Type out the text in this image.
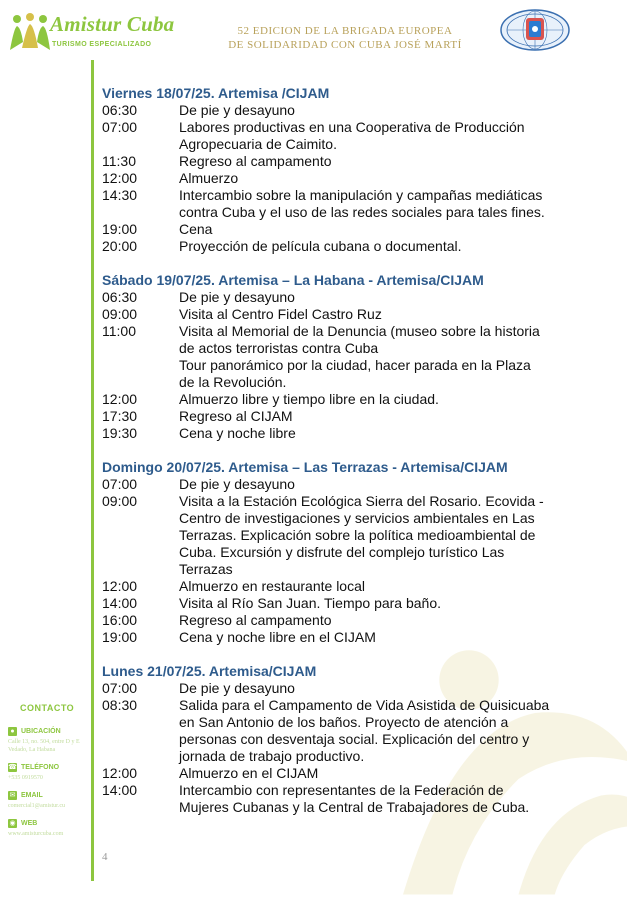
Amistur Cuba
TURISMO ESPECIALIZADO
52 EDICION DE LA BRIGADA EUROPEA
DE SOLIDARIDAD CON CUBA JOSÉ MARTÍ
Viernes 18/07/25. Artemisa /CIJAM
06:30	De pie y desayuno
07:00	Labores productivas en una Cooperativa de Producción
Agropecuaria de Caimito.
11:30	Regreso al campamento
12:00	Almuerzo
14:30	Intercambio sobre la manipulación y campañas mediáticas
contra Cuba y el uso de las redes sociales para tales fines.
19:00	Cena
20:00	Proyección de película cubana o documental.
Sábado 19/07/25. Artemisa – La Habana - Artemisa/CIJAM
06:30	De pie y desayuno
09:00	Visita al Centro Fidel Castro Ruz
11:00	Visita al Memorial de la Denuncia (museo sobre la historia
de actos terroristas contra Cuba
Tour panorámico por la ciudad, hacer parada en la Plaza
de la Revolución.
12:00	Almuerzo libre y tiempo libre en la ciudad.
17:30	Regreso al CIJAM
19:30	Cena y noche libre
Domingo 20/07/25. Artemisa – Las Terrazas - Artemisa/CIJAM
07:00	De pie y desayuno
09:00	Visita a la Estación Ecológica Sierra del Rosario. Ecovida -
Centro de investigaciones y servicios ambientales en Las
Terrazas. Explicación sobre la política medioambiental de
Cuba. Excursión y disfrute del complejo turístico Las
Terrazas
12:00	Almuerzo en restaurante local
14:00	Visita al Río San Juan. Tiempo para baño.
16:00	Regreso al campamento
19:00	Cena y noche libre en el CIJAM
Lunes 21/07/25. Artemisa/CIJAM
07:00	De pie y desayuno
08:30	Salida para el Campamento de Vida Asistida de Quisicuaba
en San Antonio de los baños. Proyecto de atención a
personas con desventaja social. Explicación del centro y
jornada de trabajo productivo.
12:00	Almuerzo en el CIJAM
14:00	Intercambio con representantes de la Federación de
Mujeres Cubanas y la Central de Trabajadores de Cuba.
CONTACTO
● UBICACIÓN
Calle 13, no. 504, entre D y E Vedado, La Habana
☎ TELÉFONO
+535 0919570
✉ EMAIL
comercial1@amistur.cu
◉ WEB
www.amisturcuba.com
4
